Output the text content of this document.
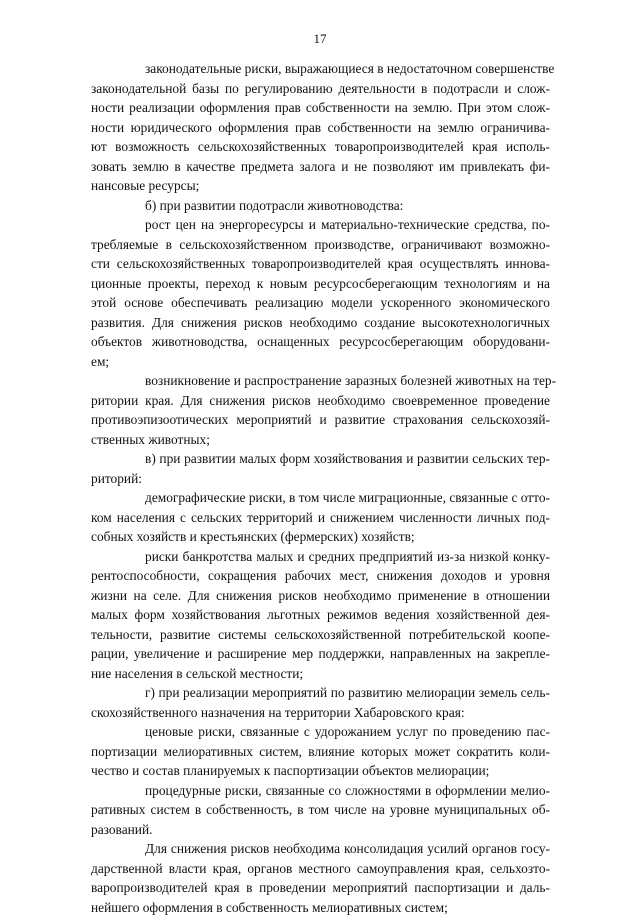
17
законодательные риски, выражающиеся в недостаточном совершенстве
законодательной базы по регулированию деятельности в подотрасли и слож-
ности реализации оформления прав собственности на землю. При этом слож-
ности юридического оформления прав собственности на землю ограничива-
ют возможность сельскохозяйственных товаропроизводителей края исполь-
зовать землю в качестве предмета залога и не позволяют им привлекать фи-
нансовые ресурсы;
б) при развитии подотрасли животноводства:
рост цен на энергоресурсы и материально-технические средства, по-
требляемые в сельскохозяйственном производстве, ограничивают возможно-
сти сельскохозяйственных товаропроизводителей края осуществлять иннова-
ционные проекты, переход к новым ресурсосберегающим технологиям и на
этой основе обеспечивать реализацию модели ускоренного экономического
развития. Для снижения рисков необходимо создание высокотехнологичных
объектов животноводства, оснащенных ресурсосберегающим оборудовани-
ем;
возникновение и распространение заразных болезней животных на тер-
ритории края. Для снижения рисков необходимо своевременное проведение
противоэпизоотических мероприятий и развитие страхования сельскохозяй-
ственных животных;
в) при развитии малых форм хозяйствования и развитии сельских тер-
риторий:
демографические риски, в том числе миграционные, связанные с отто-
ком населения с сельских территорий и снижением численности личных под-
собных хозяйств и крестьянских (фермерских) хозяйств;
риски банкротства малых и средних предприятий из-за низкой конку-
рентоспособности, сокращения рабочих мест, снижения доходов и уровня
жизни на селе. Для снижения рисков необходимо применение в отношении
малых форм хозяйствования льготных режимов ведения хозяйственной дея-
тельности, развитие системы сельскохозяйственной потребительской коопе-
рации, увеличение и расширение мер поддержки, направленных на закрепле-
ние населения в сельской местности;
г) при реализации мероприятий по развитию мелиорации земель сель-
скохозяйственного назначения на территории Хабаровского края:
ценовые риски, связанные с удорожанием услуг по проведению пас-
портизации мелиоративных систем, влияние которых может сократить коли-
чество и состав планируемых к паспортизации объектов мелиорации;
процедурные риски, связанные со сложностями в оформлении мелио-
ративных систем в собственность, в том числе на уровне муниципальных об-
разований.
Для снижения рисков необходима консолидация усилий органов госу-
дарственной власти края, органов местного самоуправления края, сельхозто-
варопроизводителей края в проведении мероприятий паспортизации и даль-
нейшего оформления в собственность мелиоративных систем;
